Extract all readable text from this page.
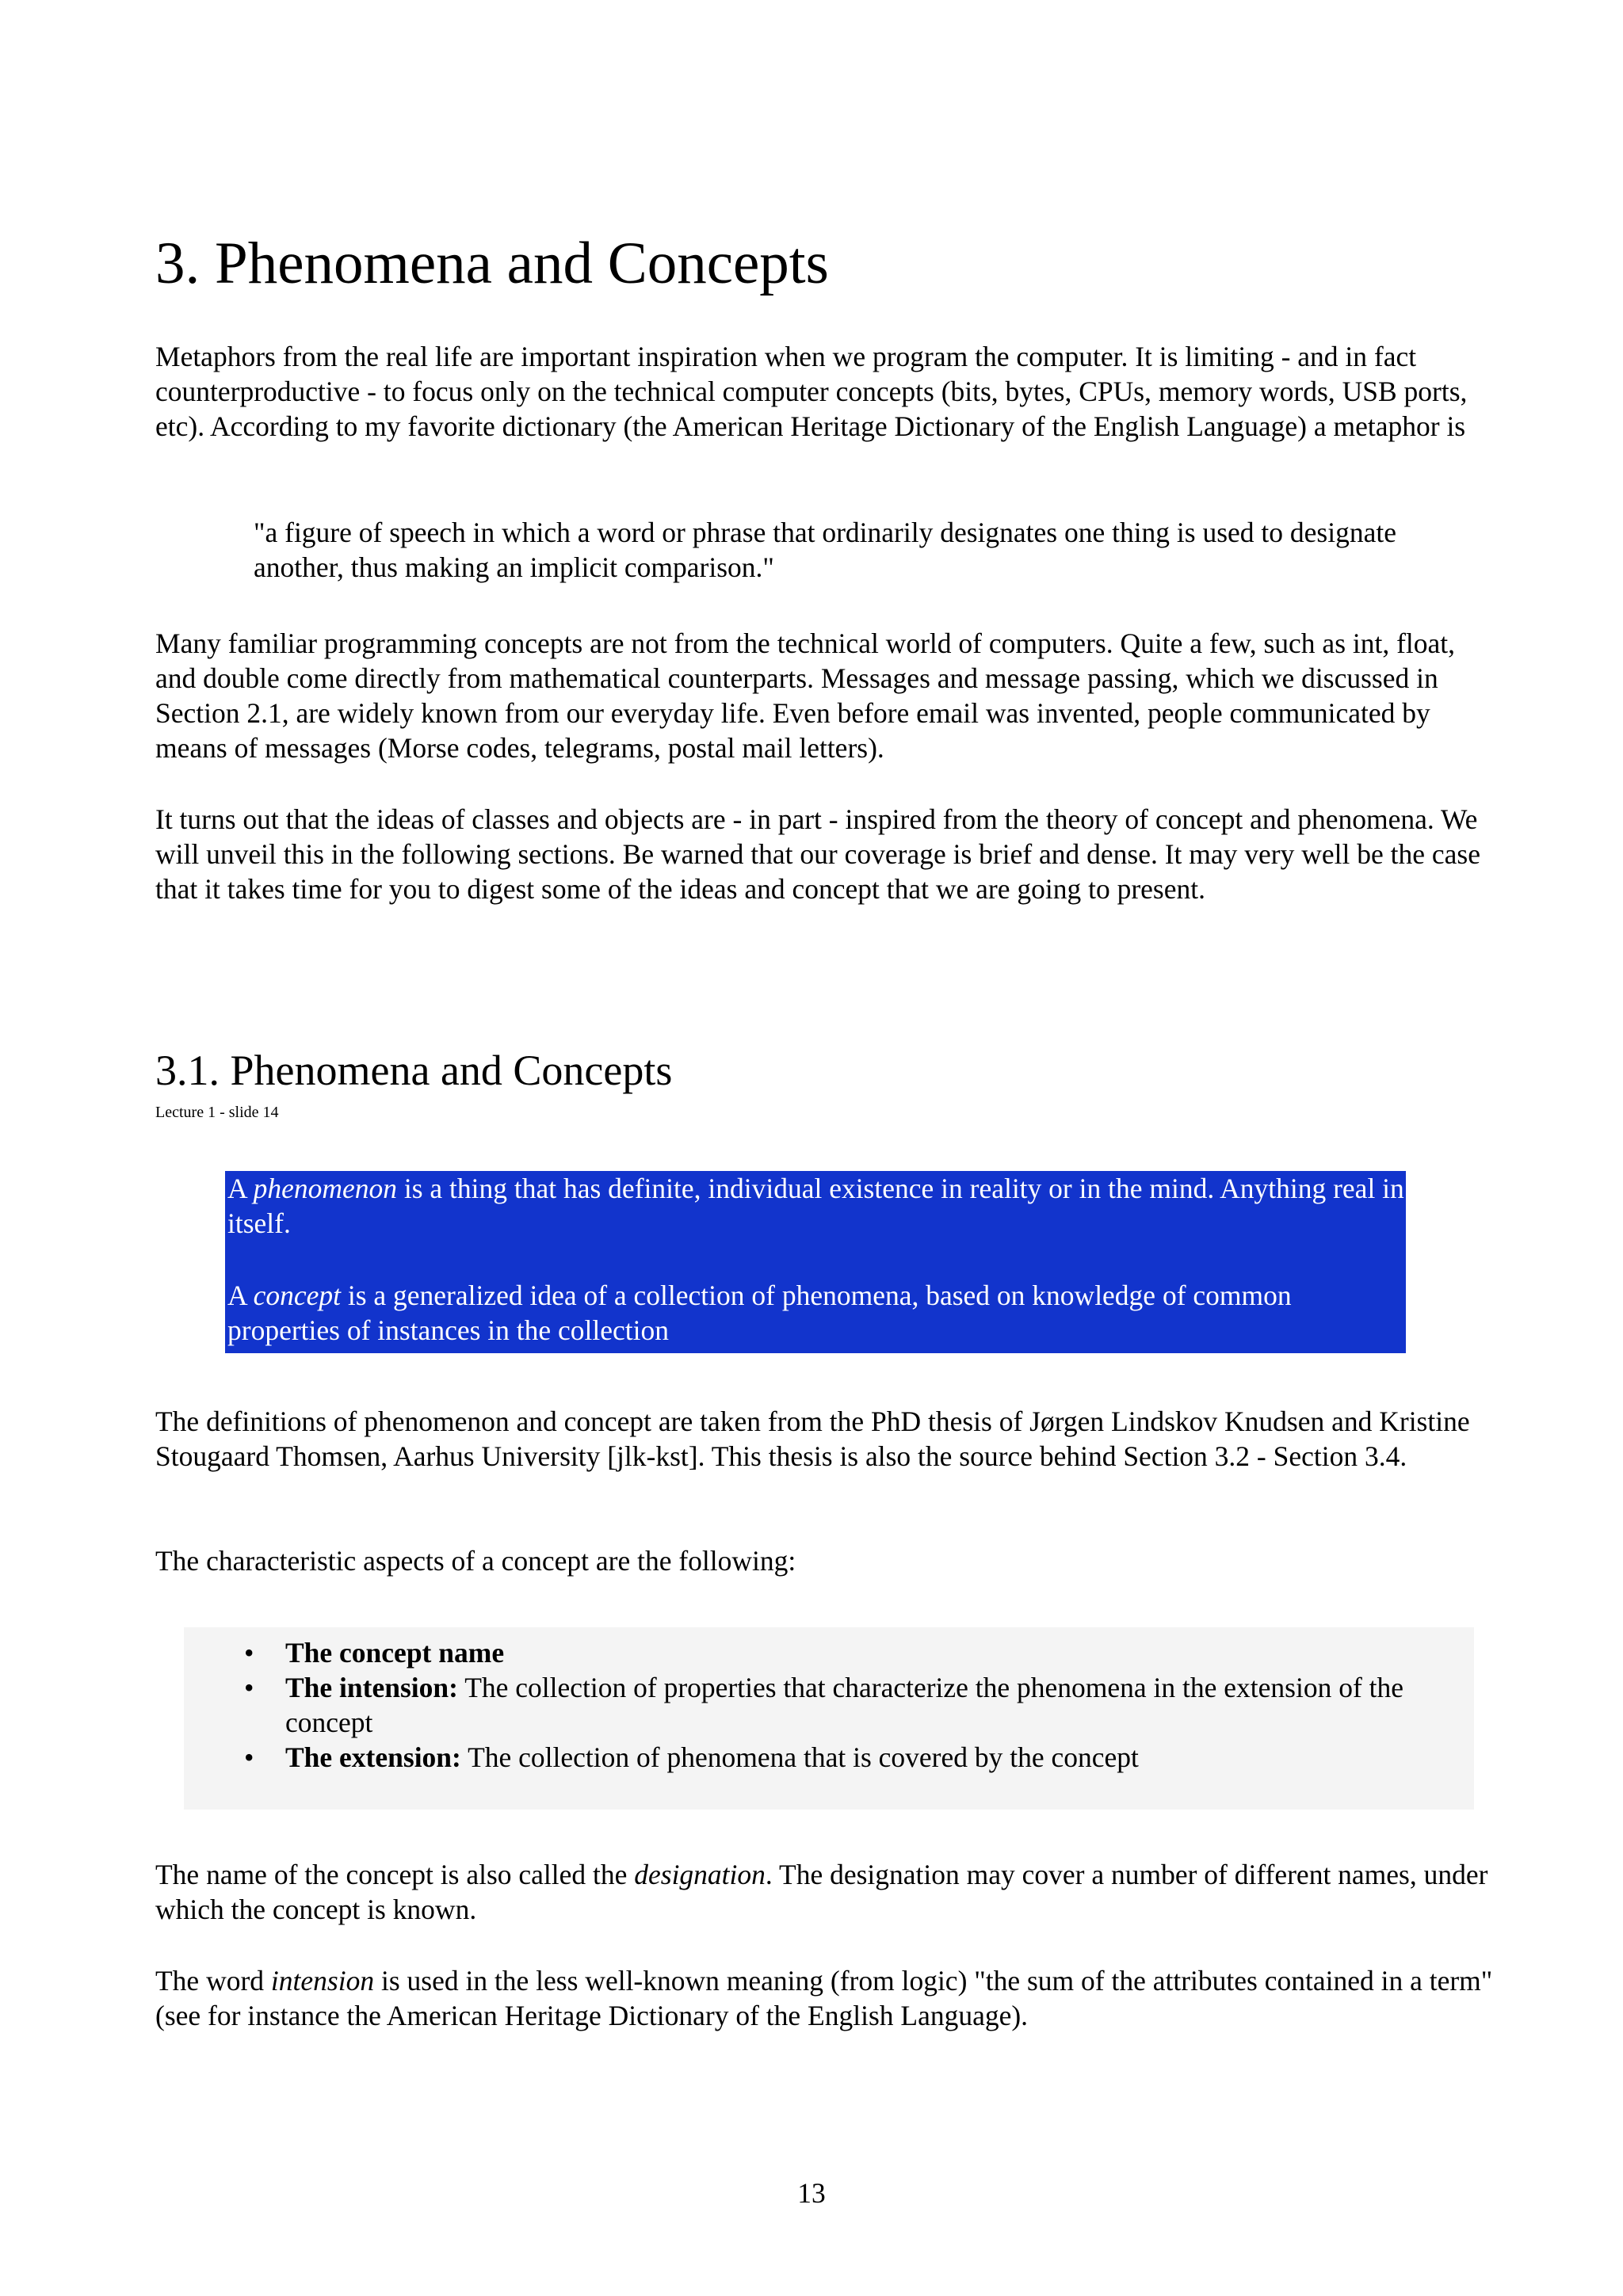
3. Phenomena and Concepts

Metaphors from the real life are important inspiration when we program the computer. It is limiting - and in fact counterproductive - to focus only on the technical computer concepts (bits, bytes, CPUs, memory words, USB ports, etc). According to my favorite dictionary (the American Heritage Dictionary of the English Language) a metaphor is

"a figure of speech in which a word or phrase that ordinarily designates one thing is used to designate another, thus making an implicit comparison."

Many familiar programming concepts are not from the technical world of computers. Quite a few, such as int, float, and double come directly from mathematical counterparts. Messages and message passing, which we discussed in Section 2.1, are widely known from our everyday life. Even before email was invented, people communicated by means of messages (Morse codes, telegrams, postal mail letters).

It turns out that the ideas of classes and objects are - in part - inspired from the theory of concept and phenomena. We will unveil this in the following sections. Be warned that our coverage is brief and dense. It may very well be the case that it takes time for you to digest some of the ideas and concept that we are going to present.

3.1. Phenomena and Concepts

Lecture 1 - slide 14

A phenomenon is a thing that has definite, individual existence in reality or in the mind. Anything real in itself.

A concept is a generalized idea of a collection of phenomena, based on knowledge of common properties of instances in the collection

The definitions of phenomenon and concept are taken from the PhD thesis of Jørgen Lindskov Knudsen and Kristine Stougaard Thomsen, Aarhus University [jlk-kst]. This thesis is also the source behind Section 3.2 - Section 3.4.

The characteristic aspects of a concept are the following:

• The concept name
• The intension: The collection of properties that characterize the phenomena in the extension of the concept
• The extension: The collection of phenomena that is covered by the concept

The name of the concept is also called the designation. The designation may cover a number of different names, under which the concept is known.

The word intension is used in the less well-known meaning (from logic) "the sum of the attributes contained in a term" (see for instance the American Heritage Dictionary of the English Language).

13
